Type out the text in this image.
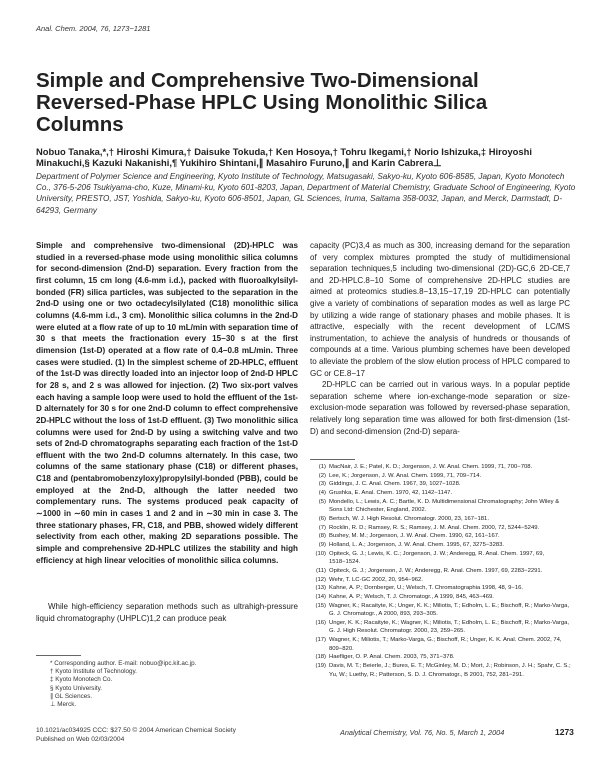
Anal. Chem. 2004, 76, 1273−1281
Simple and Comprehensive Two-Dimensional Reversed-Phase HPLC Using Monolithic Silica Columns
Nobuo Tanaka,*,† Hiroshi Kimura,† Daisuke Tokuda,† Ken Hosoya,† Tohru Ikegami,† Norio Ishizuka,‡ Hiroyoshi Minakuchi,§ Kazuki Nakanishi,¶ Yukihiro Shintani,∥ Masahiro Furuno,∥ and Karin Cabrera⊥
Department of Polymer Science and Engineering, Kyoto Institute of Technology, Matsugasaki, Sakyo-ku, Kyoto 606-8585, Japan, Kyoto Monotech Co., 376-5-206 Tsukiyama-cho, Kuze, Minami-ku, Kyoto 601-8203, Japan, Department of Material Chemistry, Graduate School of Engineering, Kyoto University, PRESTO, JST, Yoshida, Sakyo-ku, Kyoto 606-8501, Japan, GL Sciences, Iruma, Saitama 358-0032, Japan, and Merck, Darmstadt, D-64293, Germany
Simple and comprehensive two-dimensional (2D)-HPLC was studied in a reversed-phase mode using monolithic silica columns for second-dimension (2nd-D) separation. Every fraction from the first column, 15 cm long (4.6-mm i.d.), packed with fluoroalkylsilyl-bonded (FR) silica particles, was subjected to the separation in the 2nd-D using one or two octadecylsilylated (C18) monolithic silica columns (4.6-mm i.d., 3 cm). Monolithic silica columns in the 2nd-D were eluted at a flow rate of up to 10 mL/min with separation time of 30 s that meets the fractionation every 15−30 s at the first dimension (1st-D) operated at a flow rate of 0.4−0.8 mL/min. Three cases were studied. (1) In the simplest scheme of 2D-HPLC, effluent of the 1st-D was directly loaded into an injector loop of 2nd-D HPLC for 28 s, and 2 s was allowed for injection. (2) Two six-port valves each having a sample loop were used to hold the effluent of the 1st-D alternately for 30 s for one 2nd-D column to effect comprehensive 2D-HPLC without the loss of 1st-D effluent. (3) Two monolithic silica columns were used for 2nd-D by using a switching valve and two sets of 2nd-D chromatographs separating each fraction of the 1st-D effluent with the two 2nd-D columns alternately. In this case, two columns of the same stationary phase (C18) or different phases, C18 and (pentabromobenzyloxy)propylsilyl-bonded (PBB), could be employed at the 2nd-D, although the latter needed two complementary runs. The systems produced peak capacity of ∼1000 in ∼60 min in cases 1 and 2 and in ∼30 min in case 3. The three stationary phases, FR, C18, and PBB, showed widely different selectivity from each other, making 2D separations possible. The simple and comprehensive 2D-HPLC utilizes the stability and high efficiency at high linear velocities of monolithic silica columns.
While high-efficiency separation methods such as ultrahigh-pressure liquid chromatography (UHPLC)1,2 can produce peak

capacity (PC)3,4 as much as 300, increasing demand for the separation of very complex mixtures prompted the study of multidimensional separation techniques,5 including two-dimensional (2D)-GC,6 2D-CE,7 and 2D-HPLC.8−10 Some of comprehensive 2D-HPLC studies are aimed at proteomics studies.8−13,15−17,19 2D-HPLC can potentially give a variety of combinations of separation modes as well as large PC by utilizing a wide range of stationary phases and mobile phases. It is attractive, especially with the recent development of LC/MS instrumentation, to achieve the analysis of hundreds or thousands of compounds at a time. Various plumbing schemes have been developed to alleviate the problem of the slow elution process of HPLC compared to GC or CE.8−17

2D-HPLC can be carried out in various ways. In a popular peptide separation scheme where ion-exchange-mode separation or size-exclusion-mode separation was followed by reversed-phase separation, relatively long separation time was allowed for both first-dimension (1st-D) and second-dimension (2nd-D) separa-

(1) MacNair, J. E.; Patel, K. D.; Jorgenson, J. W. Anal. Chem. 1999, 71, 700−708.
(2) Lee, K.; Jorgenson, J. W. Anal. Chem. 1999, 71, 709−714.
(3) Giddings, J. C. Anal. Chem. 1967, 39, 1027−1028.
(4) Grushka, E. Anal. Chem. 1970, 42, 1142−1147.
(5) Mondello, L.; Lewis, A. C.; Bartle, K. D. Multidimensional Chromatography; John Wiley & Sons Ltd: Chichester, England, 2002.
(6) Bertsch, W. J. High Resolut. Chromatogr. 2000, 23, 167−181.
(7) Rocklin, R. D.; Ramsey, R. S.; Ramsey, J. M. Anal. Chem. 2000, 72, 5244−5249.
(8) Bushey, M. M.; Jorgenson, J. W. Anal. Chem. 1990, 62, 161−167.
(9) Holland, L. A.; Jorgenson, J. W. Anal. Chem. 1995, 67, 3275−3283.
(10) Opiteck, G. J.; Lewis, K. C.; Jorgenson, J. W.; Anderegg, R. Anal. Chem. 1997, 69, 1518−1524.
(11) Opiteck, G. J.; Jorgenson, J. W.; Anderegg, R. Anal. Chem. 1997, 69, 2283−2291.
(12) Wehr, T. LC·GC 2002, 20, 954−962.
(13) Kahne, A. P.; Dornberger, U.; Welsch, T. Chromatographia 1998, 48, 9−16.
(14) Kahne, A. P.; Welsch, T. J. Chromatogr., A 1999, 845, 463−469.
(15) Wagner, K.; Racaityte, K.; Unger, K. K.; Miliotis, T.; Edholm, L. E.; Bischoff, R.; Marko-Varga, G. J. Chromatogr., A 2000, 893, 293−305.
(16) Unger, K. K.; Racaityte, K.; Wagner, K.; Miliotis, T.; Edholm, L. E.; Bischoff, R.; Marko-Varga, G. J. High Resolut. Chromatogr. 2000, 23, 259−265.
(17) Wagner, K.; Miliotis, T.; Marko-Varga, G.; Bischoff, R.; Unger, K. K. Anal. Chem. 2002, 74, 809−820.
(18) Haefliger, O. P. Anal. Chem. 2003, 75, 371−378.
(19) Davis, M. T.; Beierle, J.; Bures, E. T.; McGinley, M. D.; Mort, J.; Robinson, J. H.; Spahr, C. S.; Yu, W.; Luethy, R.; Patterson, S. D. J. Chromatogr., B 2001, 752, 281−291.
* Corresponding author. E-mail: nobuo@ipc.kit.ac.jp.
† Kyoto Institute of Technology.
‡ Kyoto Monotech Co.
§ Kyoto University.
∥ GL Sciences.
⊥ Merck.
10.1021/ac034925 CCC: $27.50 © 2004 American Chemical Society
Published on Web 02/03/2004
Analytical Chemistry, Vol. 76, No. 5, March 1, 2004	1273
